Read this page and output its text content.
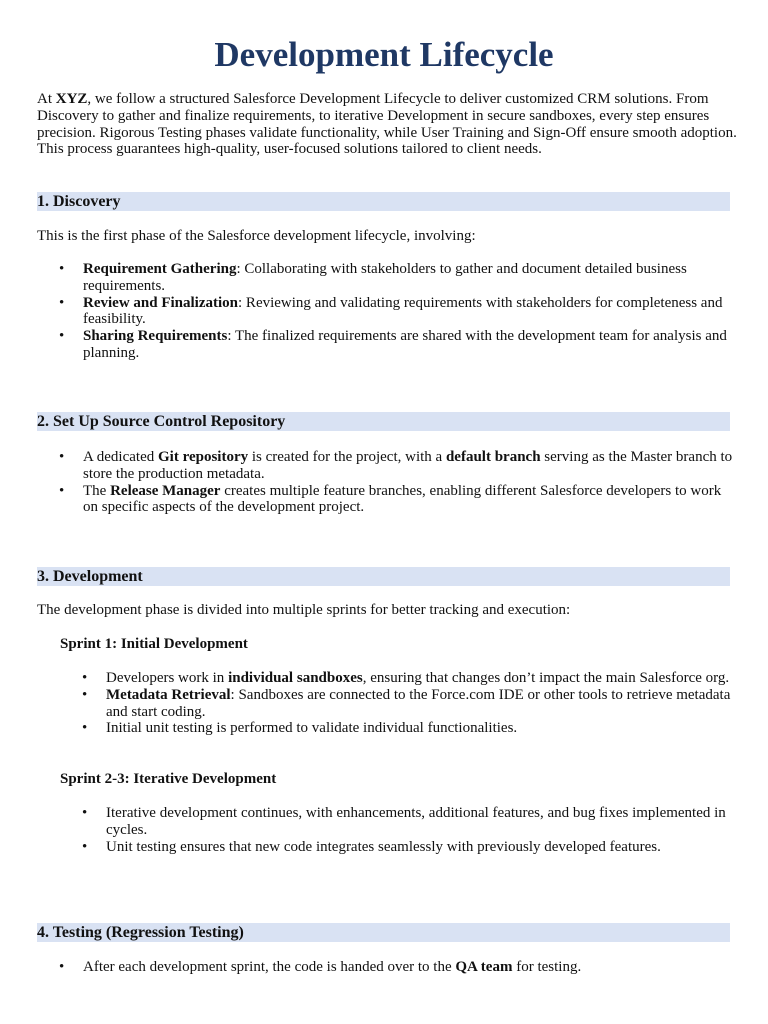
Development Lifecycle

At XYZ, we follow a structured Salesforce Development Lifecycle to deliver customized CRM solutions. From Discovery to gather and finalize requirements, to iterative Development in secure sandboxes, every step ensures precision. Rigorous Testing phases validate functionality, while User Training and Sign-Off ensure smooth adoption. This process guarantees high-quality, user-focused solutions tailored to client needs.

1. Discovery

This is the first phase of the Salesforce development lifecycle, involving:

• Requirement Gathering: Collaborating with stakeholders to gather and document detailed business requirements.
• Review and Finalization: Reviewing and validating requirements with stakeholders for completeness and feasibility.
• Sharing Requirements: The finalized requirements are shared with the development team for analysis and planning.
2. Set Up Source Control Repository
• A dedicated Git repository is created for the project, with a default branch serving as the Master branch to store the production metadata.
• The Release Manager creates multiple feature branches, enabling different Salesforce developers to work on specific aspects of the development project.
3. Development

The development phase is divided into multiple sprints for better tracking and execution:

Sprint 1: Initial Development
• Developers work in individual sandboxes, ensuring that changes don’t impact the main Salesforce org.
• Metadata Retrieval: Sandboxes are connected to the Force.com IDE or other tools to retrieve metadata and start coding.
• Initial unit testing is performed to validate individual functionalities.
Sprint 2-3: Iterative Development
• Iterative development continues, with enhancements, additional features, and bug fixes implemented in cycles.
• Unit testing ensures that new code integrates seamlessly with previously developed features.
4. Testing (Regression Testing)
• After each development sprint, the code is handed over to the QA team for testing.
